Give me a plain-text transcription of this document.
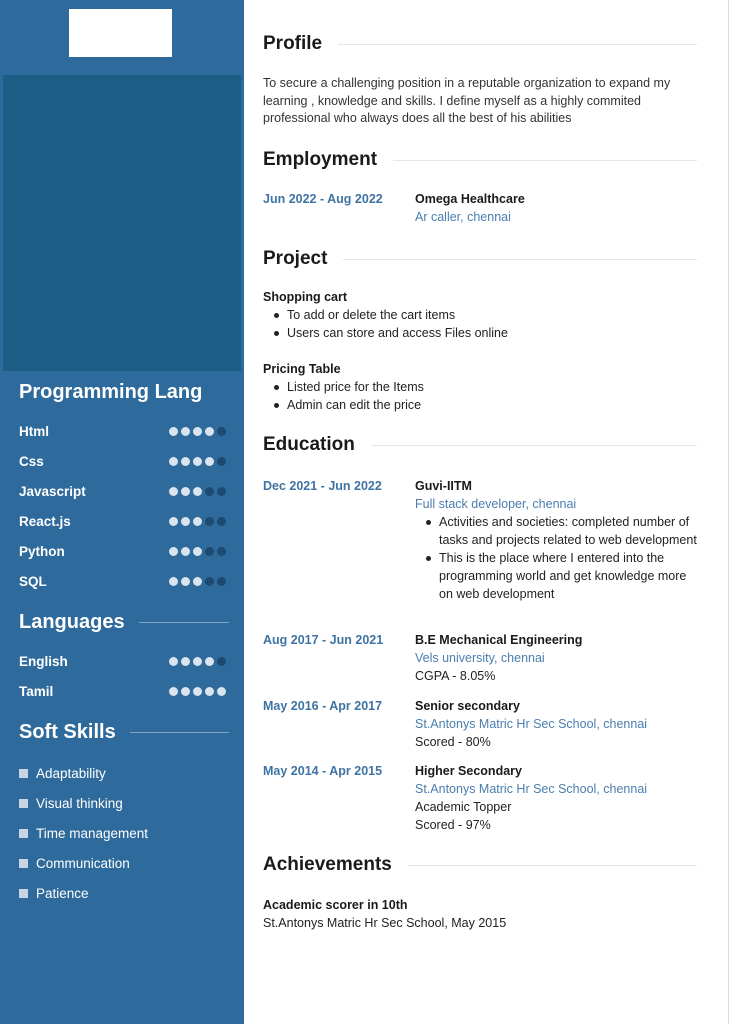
Programming Lang
Html
Css
Javascript
React.js
Python
SQL
Languages
English
Tamil
Soft Skills
Adaptability
Visual thinking
Time management
Communication
Patience
Profile
To secure a challenging position in a reputable organization to expand my learning , knowledge and skills. I define myself as a highly commited professional who always does all the best of his abilities
Employment
Jun 2022 - Aug 2022	Omega Healthcare
Ar caller, chennai
Project
Shopping cart
To add or delete the cart items
Users can store and access Files online
Pricing Table
Listed price for the Items
Admin can edit the price
Education
Dec 2021 - Jun 2022	Guvi-IITM
Full stack developer, chennai
Activities and societies: completed number of tasks and projects related to web development
This is the place where I entered into the programming world and get knowledge more on web development
Aug 2017 - Jun 2021	B.E Mechanical Engineering
Vels university, chennai
CGPA - 8.05%
May 2016 - Apr 2017	Senior secondary
St.Antonys Matric Hr Sec School, chennai
Scored - 80%
May 2014 - Apr 2015	Higher Secondary
St.Antonys Matric Hr Sec School, chennai
Academic Topper
Scored - 97%
Achievements
Academic scorer in 10th
St.Antonys Matric Hr Sec School, May 2015
